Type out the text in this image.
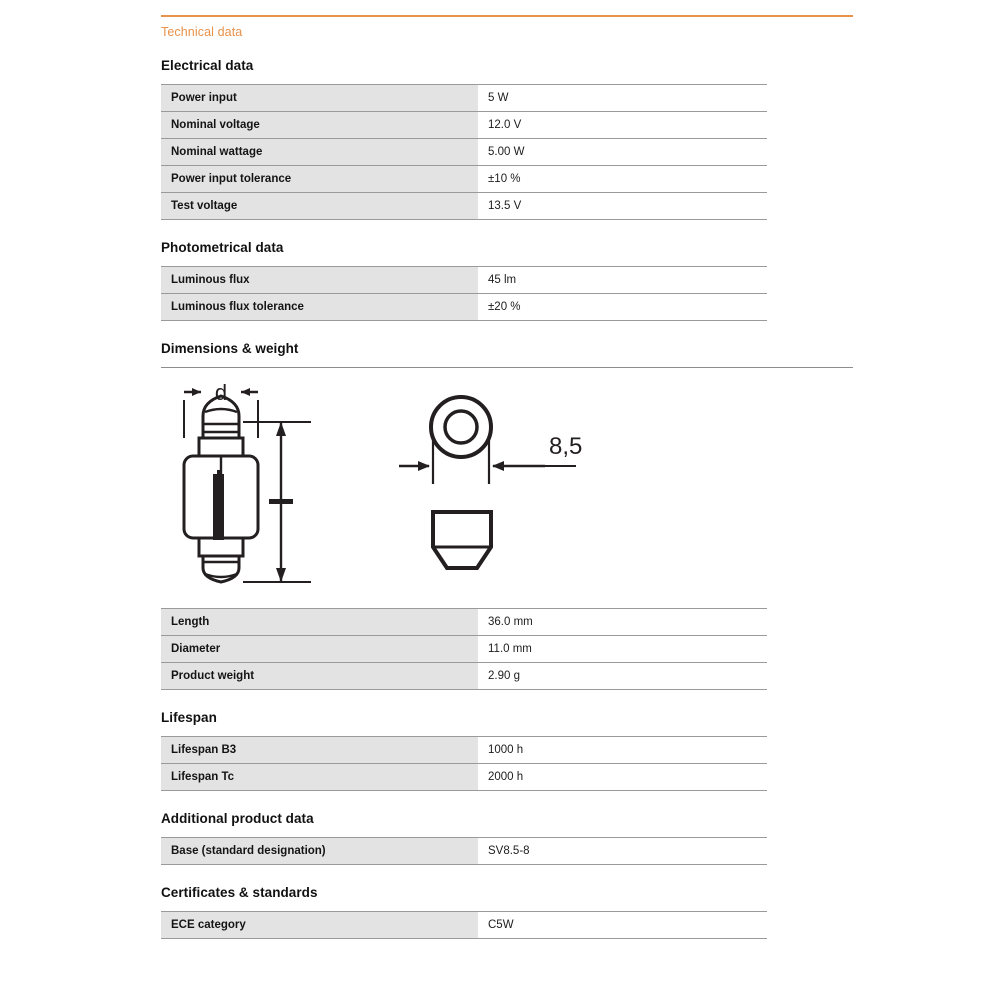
Technical data
Electrical data
Power input	5 W
Nominal voltage	12.0 V
Nominal wattage	5.00 W
Power input tolerance	±10 %
Test voltage	13.5 V
Photometrical data
Luminous flux	45 lm
Luminous flux tolerance	±20 %
Dimensions & weight
d
8,5
Length	36.0 mm
Diameter	11.0 mm
Product weight	2.90 g
Lifespan
Lifespan B3	1000 h
Lifespan Tc	2000 h
Additional product data
Base (standard designation)	SV8.5-8
Certificates & standards
ECE category	C5W
